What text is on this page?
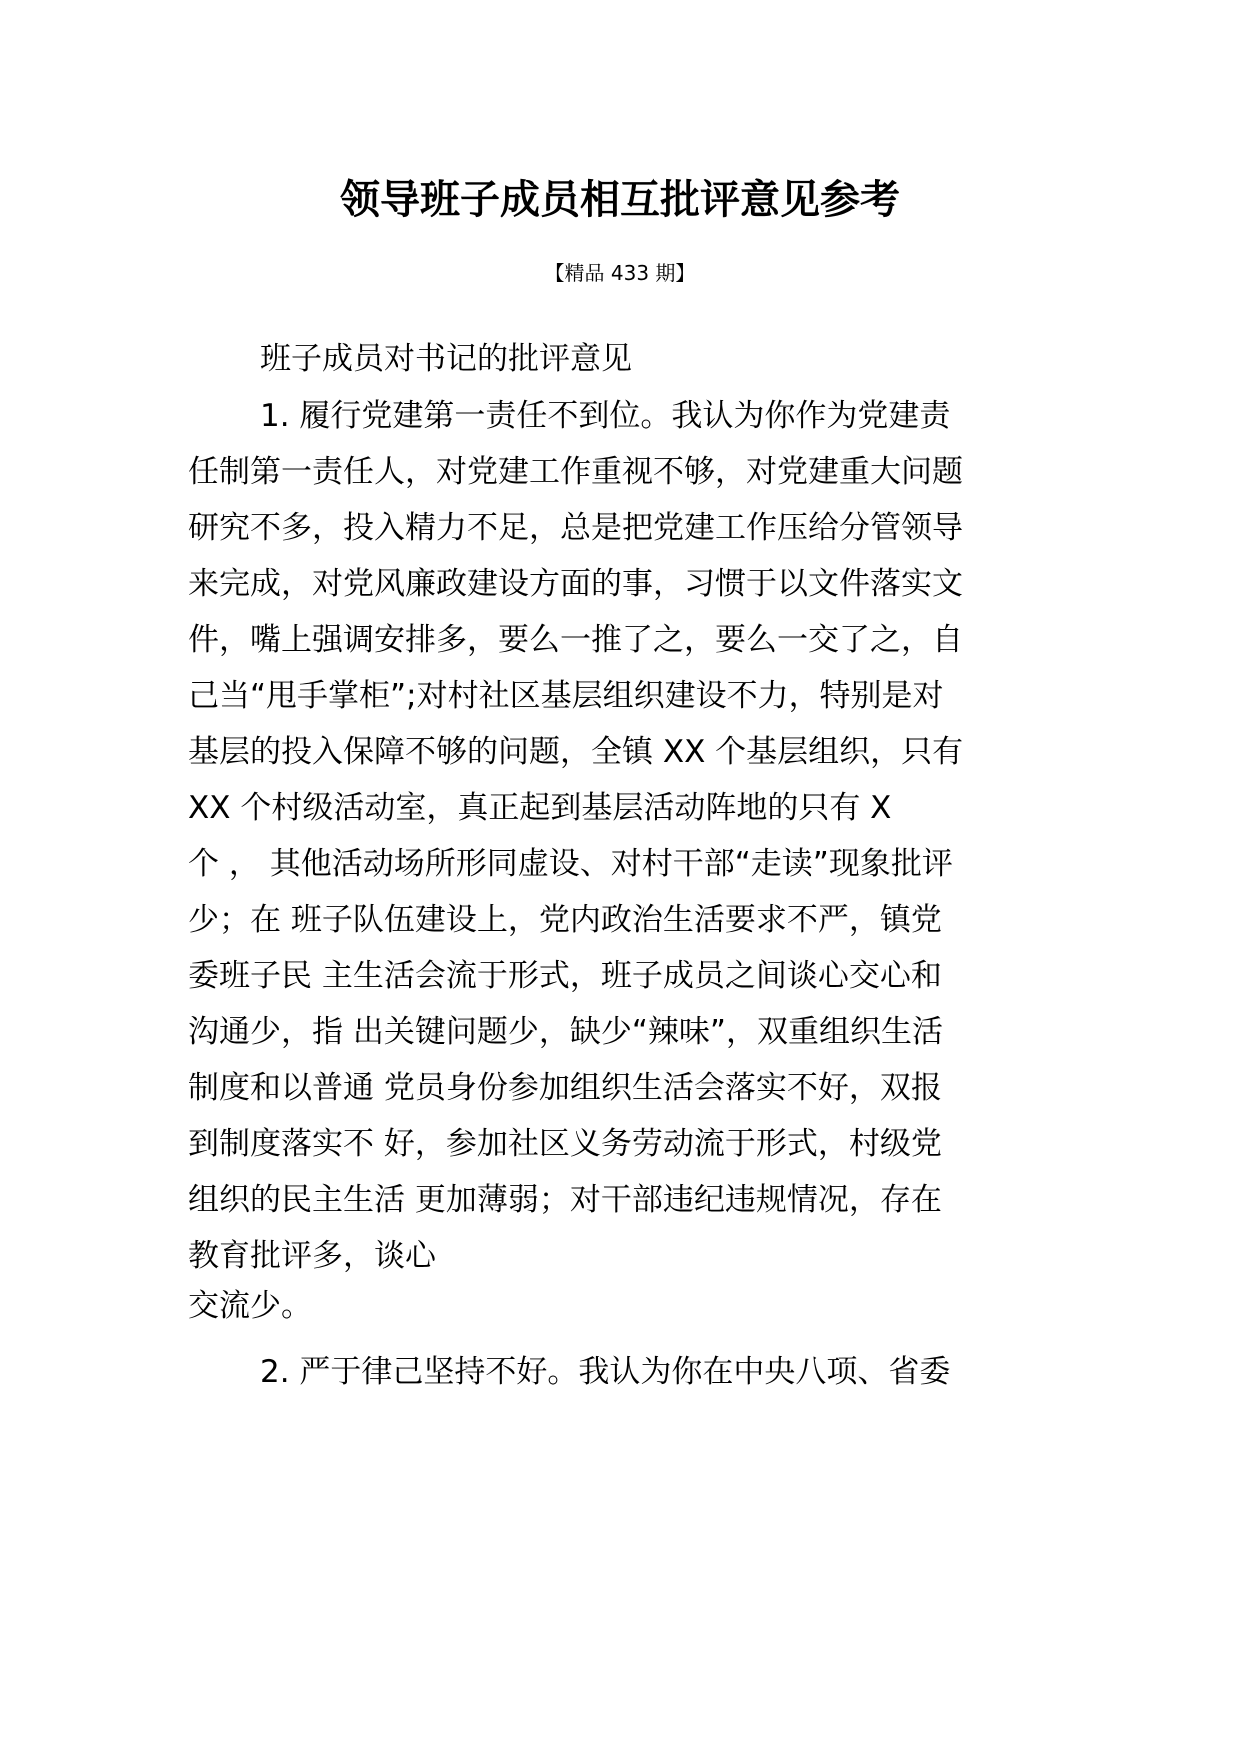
领导班子成员相互批评意见参考
【精品 433 期】
班子成员对书记的批评意见
1. 履行党建第一责任不到位。我认为你作为党建责
任制第一责任人，对党建工作重视不够，对党建重大问题
研究不多，投入精力不足，总是把党建工作压给分管领导
来完成，对党风廉政建设方面的事，习惯于以文件落实文
件，嘴上强调安排多，要么一推了之，要么一交了之，自
己当“甩手掌柜”;对村社区基层组织建设不力，特别是对
基层的投入保障不够的问题，全镇 XX 个基层组织，只有
XX 个村级活动室，真正起到基层活动阵地的只有 X
个 ， 其他活动场所形同虚设、对村干部“走读”现象批评
少；在 班子队伍建设上，党内政治生活要求不严，镇党
委班子民 主生活会流于形式，班子成员之间谈心交心和
沟通少，指 出关键问题少，缺少“辣味”，双重组织生活
制度和以普通 党员身份参加组织生活会落实不好，双报
到制度落实不 好，参加社区义务劳动流于形式，村级党
组织的民主生活 更加薄弱；对干部违纪违规情况，存在
教育批评多，谈心
交流少。
2. 严于律己坚持不好。我认为你在中央八项、省委
